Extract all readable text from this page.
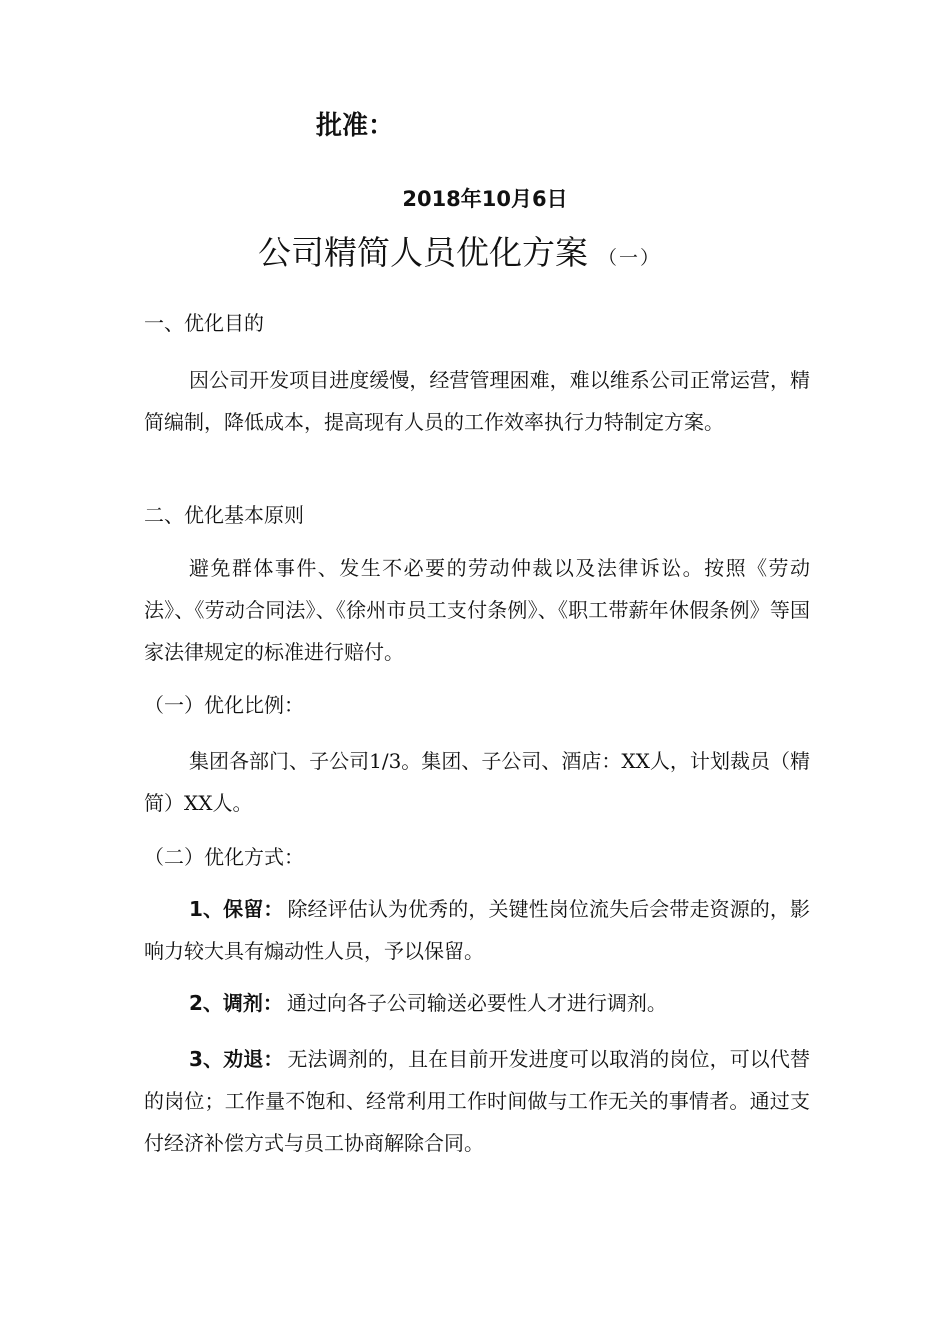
批准：

2018年10月6日

公司精简人员优化方案 （一）
一、优化目的

因公司开发项目进度缓慢，经营管理困难，难以维系公司正常运营，精简编制，降低成本，提高现有人员的工作效率执行力特制定方案。

二、优化基本原则

避免群体事件、发生不必要的劳动仲裁以及法律诉讼。按照《劳动法》、《劳动合同法》、《徐州市员工支付条例》、《职工带薪年休假条例》等国家法律规定的标准进行赔付。

（一）优化比例：

集团各部门、子公司1/3。集团、子公司、酒店：XX人，计划裁员（精简）XX人。

（二）优化方式：

1、保留： 除经评估认为优秀的，关键性岗位流失后会带走资源的，影响力较大具有煽动性人员，予以保留。

2、调剂： 通过向各子公司输送必要性人才进行调剂。

3、劝退： 无法调剂的，且在目前开发进度可以取消的岗位，可以代替的岗位；工作量不饱和、经常利用工作时间做与工作无关的事情者。通过支付经济补偿方式与员工协商解除合同。
